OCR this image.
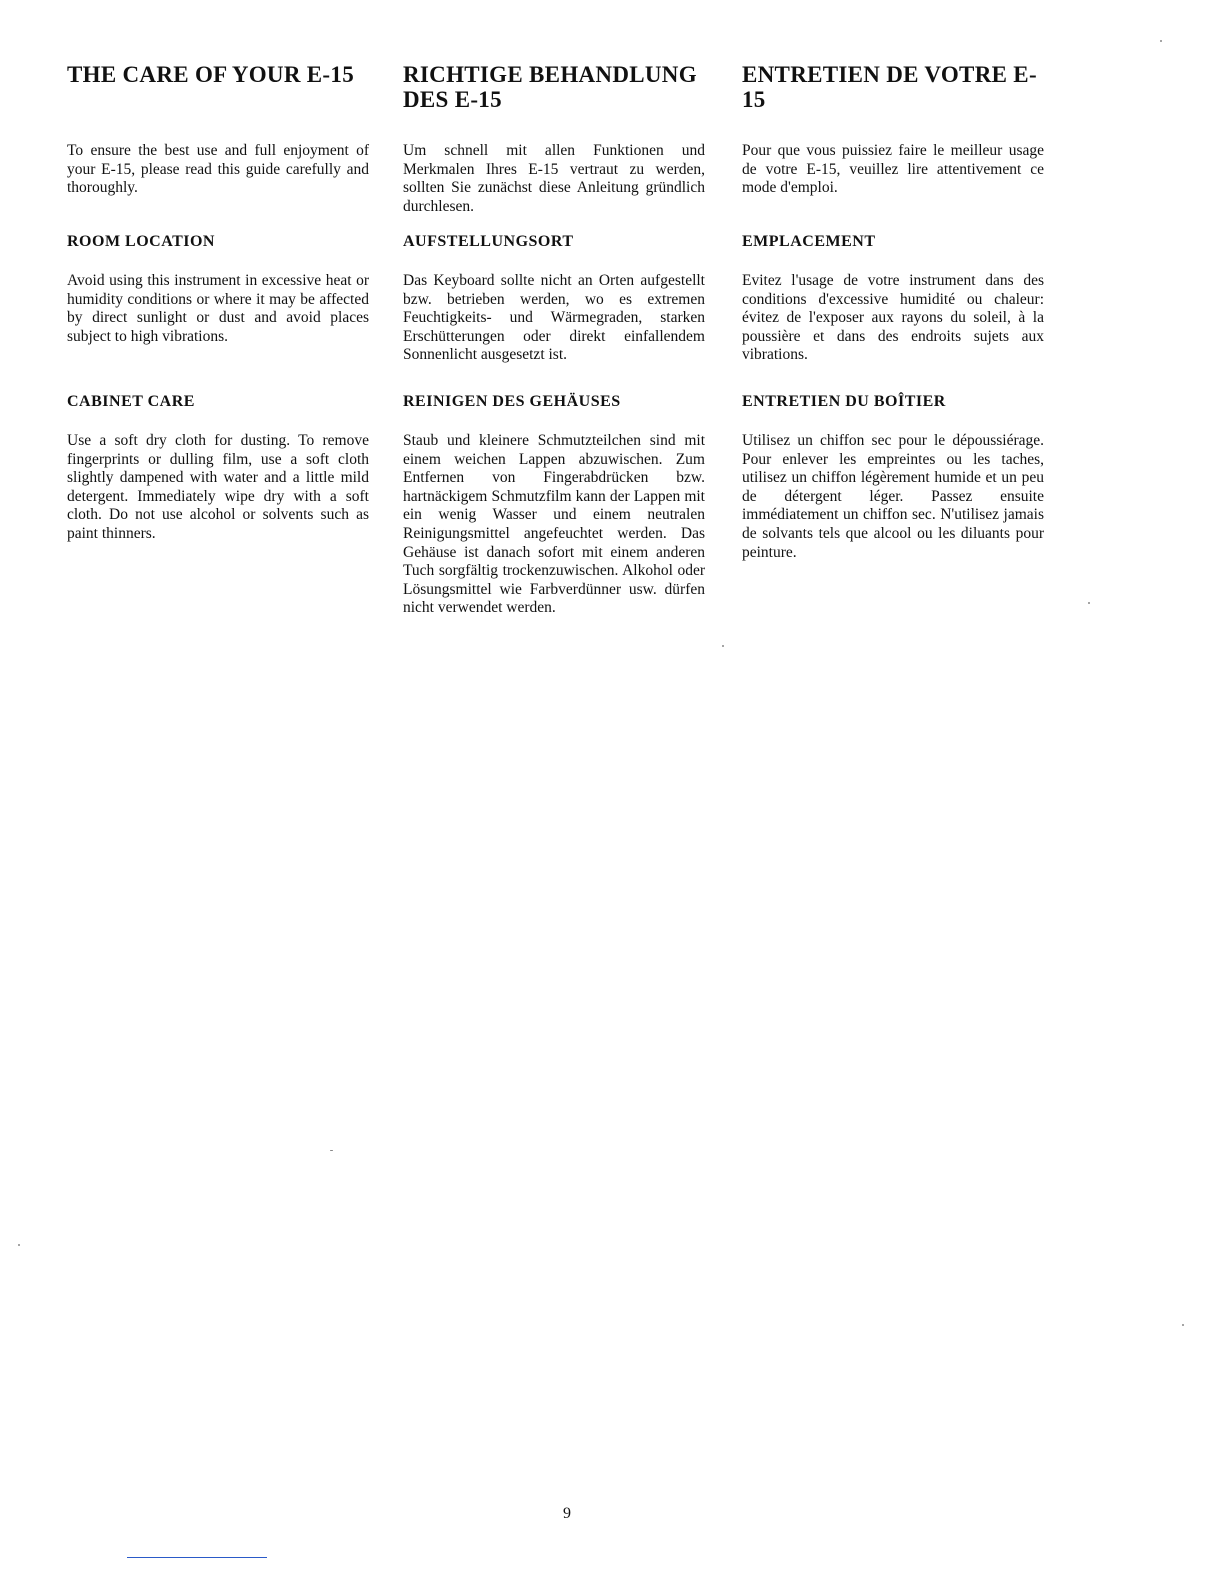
THE CARE OF YOUR E-15

To ensure the best use and full enjoyment of your E-15, please read this guide carefully and thoroughly.

ROOM LOCATION

Avoid using this instrument in excessive heat or humidity conditions or where it may be affected by direct sunlight or dust and avoid places subject to high vibrations.

CABINET CARE

Use a soft dry cloth for dusting. To remove fingerprints or dulling film, use a soft cloth slightly dampened with water and a little mild detergent. Immediately wipe dry with a soft cloth. Do not use alcohol or solvents such as paint thinners.

RICHTIGE BEHANDLUNG DES E-15

Um schnell mit allen Funktionen und Merkmalen Ihres E-15 vertraut zu werden, sollten Sie zunächst diese Anleitung gründlich durchlesen.

AUFSTELLUNGSORT

Das Keyboard sollte nicht an Orten aufgestellt bzw. betrieben werden, wo es extremen Feuchtigkeits- und Wärmegraden, starken Erschütterungen oder direkt einfallendem Sonnenlicht ausgesetzt ist.

REINIGEN DES GEHÄUSES

Staub und kleinere Schmutzteilchen sind mit einem weichen Lappen abzuwischen. Zum Entfernen von Fingerabdrücken bzw. hartnäckigem Schmutzfilm kann der Lappen mit ein wenig Wasser und einem neutralen Reinigungsmittel angefeuchtet werden. Das Gehäuse ist danach sofort mit einem anderen Tuch sorgfältig trockenzuwischen. Alkohol oder Lösungsmittel wie Farbverdünner usw. dürfen nicht verwendet werden.

ENTRETIEN DE VOTRE E-15

Pour que vous puissiez faire le meilleur usage de votre E-15, veuillez lire attentivement ce mode d'emploi.

EMPLACEMENT

Evitez l'usage de votre instrument dans des conditions d'excessive humidité ou chaleur: évitez de l'exposer aux rayons du soleil, à la poussière et dans des endroits sujets aux vibrations.

ENTRETIEN DU BOÎTIER

Utilisez un chiffon sec pour le dépoussiérage. Pour enlever les empreintes ou les taches, utilisez un chiffon légèrement humide et un peu de détergent léger. Passez ensuite immédiatement un chiffon sec. N'utilisez jamais de solvants tels que alcool ou les diluants pour peinture.

9
